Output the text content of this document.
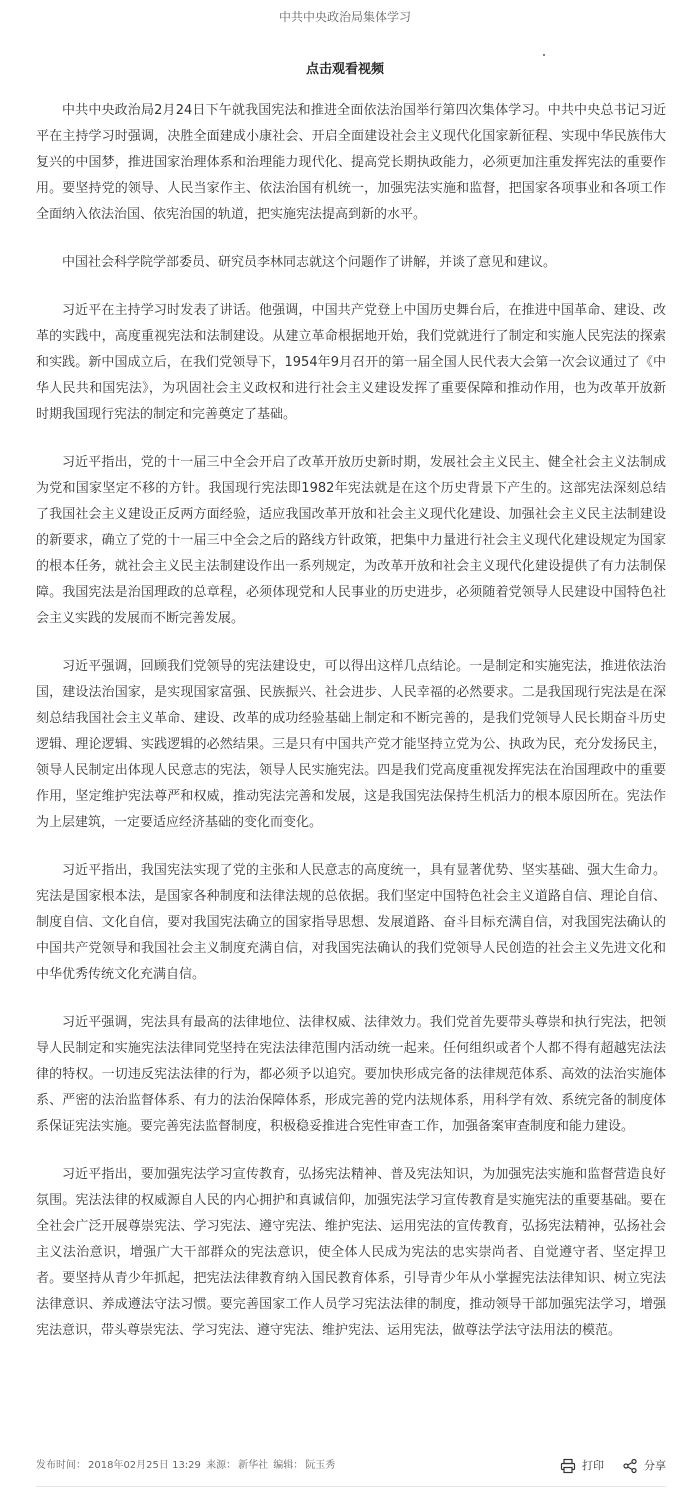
中共中央政治局集体学习
点击观看视频

中共中央政治局2月24日下午就我国宪法和推进全面依法治国举行第四次集体学习。中共中央总书记习近平在主持学习时强调，决胜全面建成小康社会、开启全面建设社会主义现代化国家新征程、实现中华民族伟大复兴的中国梦，推进国家治理体系和治理能力现代化、提高党长期执政能力，必须更加注重发挥宪法的重要作用。要坚持党的领导、人民当家作主、依法治国有机统一，加强宪法实施和监督，把国家各项事业和各项工作全面纳入依法治国、依宪治国的轨道，把实施宪法提高到新的水平。

中国社会科学院学部委员、研究员李林同志就这个问题作了讲解，并谈了意见和建议。

习近平在主持学习时发表了讲话。他强调，中国共产党登上中国历史舞台后，在推进中国革命、建设、改革的实践中，高度重视宪法和法制建设。从建立革命根据地开始，我们党就进行了制定和实施人民宪法的探索和实践。新中国成立后，在我们党领导下，1954年9月召开的第一届全国人民代表大会第一次会议通过了《中华人民共和国宪法》，为巩固社会主义政权和进行社会主义建设发挥了重要保障和推动作用，也为改革开放新时期我国现行宪法的制定和完善奠定了基础。

习近平指出，党的十一届三中全会开启了改革开放历史新时期，发展社会主义民主、健全社会主义法制成为党和国家坚定不移的方针。我国现行宪法即1982年宪法就是在这个历史背景下产生的。这部宪法深刻总结了我国社会主义建设正反两方面经验，适应我国改革开放和社会主义现代化建设、加强社会主义民主法制建设的新要求，确立了党的十一届三中全会之后的路线方针政策，把集中力量进行社会主义现代化建设规定为国家的根本任务，就社会主义民主法制建设作出一系列规定，为改革开放和社会主义现代化建设提供了有力法制保障。我国宪法是治国理政的总章程，必须体现党和人民事业的历史进步，必须随着党领导人民建设中国特色社会主义实践的发展而不断完善发展。

习近平强调，回顾我们党领导的宪法建设史，可以得出这样几点结论。一是制定和实施宪法，推进依法治国，建设法治国家，是实现国家富强、民族振兴、社会进步、人民幸福的必然要求。二是我国现行宪法是在深刻总结我国社会主义革命、建设、改革的成功经验基础上制定和不断完善的，是我们党领导人民长期奋斗历史逻辑、理论逻辑、实践逻辑的必然结果。三是只有中国共产党才能坚持立党为公、执政为民，充分发扬民主，领导人民制定出体现人民意志的宪法，领导人民实施宪法。四是我们党高度重视发挥宪法在治国理政中的重要作用，坚定维护宪法尊严和权威，推动宪法完善和发展，这是我国宪法保持生机活力的根本原因所在。宪法作为上层建筑，一定要适应经济基础的变化而变化。

习近平指出，我国宪法实现了党的主张和人民意志的高度统一，具有显著优势、坚实基础、强大生命力。宪法是国家根本法，是国家各种制度和法律法规的总依据。我们坚定中国特色社会主义道路自信、理论自信、制度自信、文化自信，要对我国宪法确立的国家指导思想、发展道路、奋斗目标充满自信，对我国宪法确认的中国共产党领导和我国社会主义制度充满自信，对我国宪法确认的我们党领导人民创造的社会主义先进文化和中华优秀传统文化充满自信。

习近平强调，宪法具有最高的法律地位、法律权威、法律效力。我们党首先要带头尊崇和执行宪法，把领导人民制定和实施宪法法律同党坚持在宪法法律范围内活动统一起来。任何组织或者个人都不得有超越宪法法律的特权。一切违反宪法法律的行为，都必须予以追究。要加快形成完备的法律规范体系、高效的法治实施体系、严密的法治监督体系、有力的法治保障体系，形成完善的党内法规体系，用科学有效、系统完备的制度体系保证宪法实施。要完善宪法监督制度，积极稳妥推进合宪性审查工作，加强备案审查制度和能力建设。

习近平指出，要加强宪法学习宣传教育，弘扬宪法精神、普及宪法知识，为加强宪法实施和监督营造良好氛围。宪法法律的权威源自人民的内心拥护和真诚信仰，加强宪法学习宣传教育是实施宪法的重要基础。要在全社会广泛开展尊崇宪法、学习宪法、遵守宪法、维护宪法、运用宪法的宣传教育，弘扬宪法精神，弘扬社会主义法治意识，增强广大干部群众的宪法意识，使全体人民成为宪法的忠实崇尚者、自觉遵守者、坚定捍卫者。要坚持从青少年抓起，把宪法法律教育纳入国民教育体系，引导青少年从小掌握宪法法律知识、树立宪法法律意识、养成遵法守法习惯。要完善国家工作人员学习宪法法律的制度，推动领导干部加强宪法学习，增强宪法意识，带头尊崇宪法、学习宪法、遵守宪法、维护宪法、运用宪法，做尊法学法守法用法的模范。

发布时间： 2018年02月25日 13:29 来源： 新华社 编辑： 阮玉秀	打印	分享
